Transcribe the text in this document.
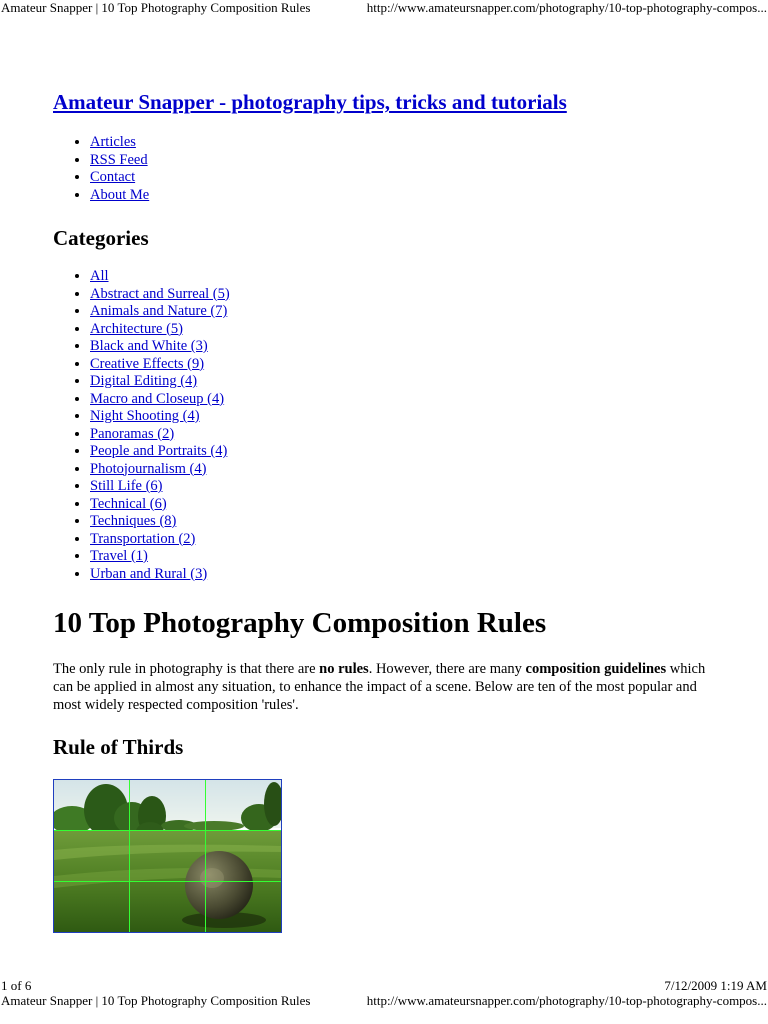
Amateur Snapper | 10 Top Photography Composition Rules	http://www.amateursnapper.com/photography/10-top-photography-compos...
Amateur Snapper - photography tips, tricks and tutorials
• Articles
• RSS Feed
• Contact
• About Me
Categories
• All
• Abstract and Surreal (5)
• Animals and Nature (7)
• Architecture (5)
• Black and White (3)
• Creative Effects (9)
• Digital Editing (4)
• Macro and Closeup (4)
• Night Shooting (4)
• Panoramas (2)
• People and Portraits (4)
• Photojournalism (4)
• Still Life (6)
• Technical (6)
• Techniques (8)
• Transportation (2)
• Travel (1)
• Urban and Rural (3)
10 Top Photography Composition Rules

The only rule in photography is that there are no rules. However, there are many composition guidelines which can be applied in almost any situation, to enhance the impact of a scene. Below are ten of the most popular and most widely respected composition 'rules'.

Rule of Thirds
1 of 6	7/12/2009 1:19 AM
Amateur Snapper | 10 Top Photography Composition Rules	http://www.amateursnapper.com/photography/10-top-photography-compos...
